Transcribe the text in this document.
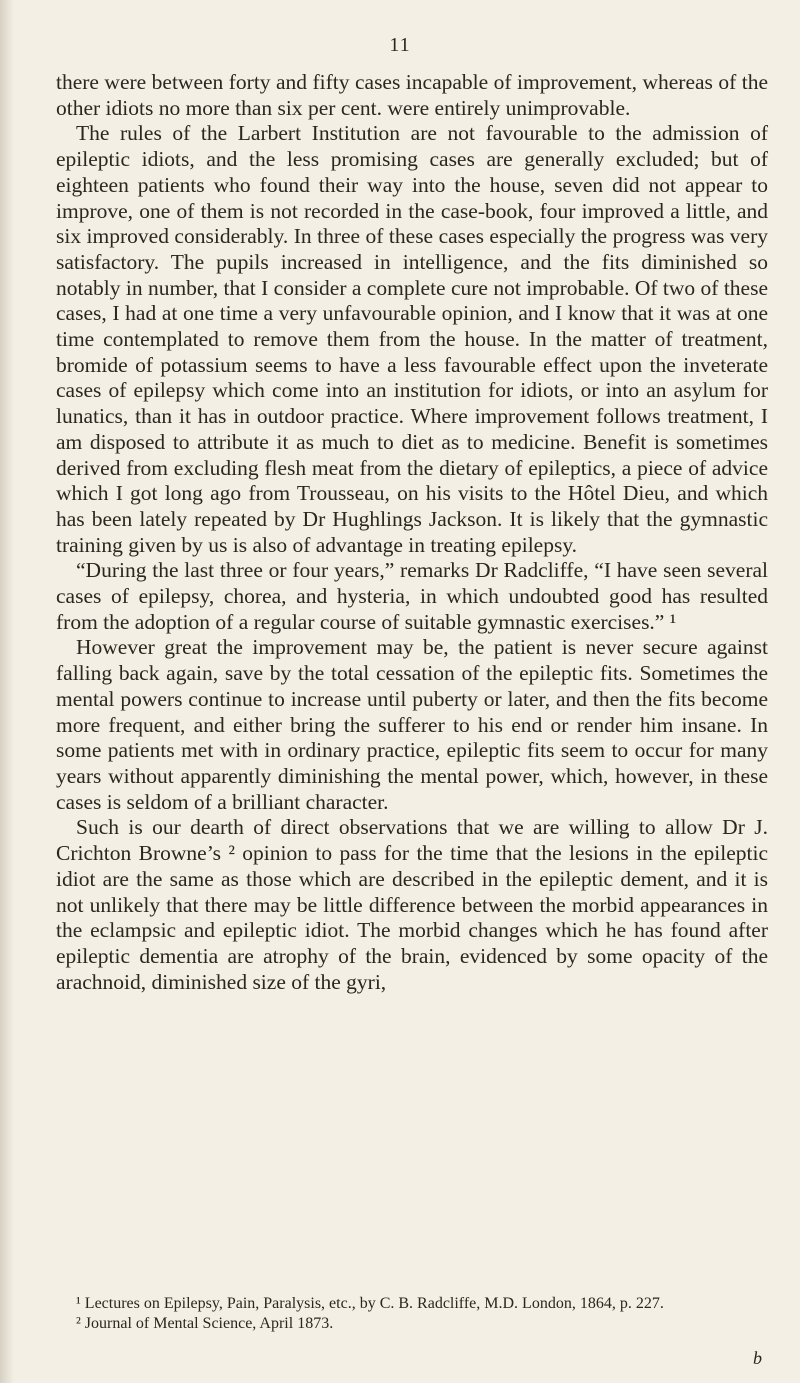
11

there were between forty and fifty cases incapable of improvement, whereas of the other idiots no more than six per cent. were entirely unimprovable.

The rules of the Larbert Institution are not favourable to the admission of epileptic idiots, and the less promising cases are generally excluded; but of eighteen patients who found their way into the house, seven did not appear to improve, one of them is not recorded in the case-book, four improved a little, and six improved considerably. In three of these cases especially the progress was very satisfactory. The pupils increased in intelligence, and the fits diminished so notably in number, that I consider a complete cure not improbable. Of two of these cases, I had at one time a very unfavourable opinion, and I know that it was at one time contemplated to remove them from the house. In the matter of treatment, bromide of potassium seems to have a less favourable effect upon the inveterate cases of epilepsy which come into an institution for idiots, or into an asylum for lunatics, than it has in outdoor practice. Where improvement follows treatment, I am disposed to attribute it as much to diet as to medicine. Benefit is sometimes derived from excluding flesh meat from the dietary of epileptics, a piece of advice which I got long ago from Trousseau, on his visits to the Hôtel Dieu, and which has been lately repeated by Dr Hughlings Jackson. It is likely that the gymnastic training given by us is also of advantage in treating epilepsy.

“During the last three or four years,” remarks Dr Radcliffe, “I have seen several cases of epilepsy, chorea, and hysteria, in which undoubted good has resulted from the adoption of a regular course of suitable gymnastic exercises.” ¹

However great the improvement may be, the patient is never secure against falling back again, save by the total cessation of the epileptic fits. Sometimes the mental powers continue to increase until puberty or later, and then the fits become more frequent, and either bring the sufferer to his end or render him insane. In some patients met with in ordinary practice, epileptic fits seem to occur for many years without apparently diminishing the mental power, which, however, in these cases is seldom of a brilliant character.

Such is our dearth of direct observations that we are willing to allow Dr J. Crichton Browne’s ² opinion to pass for the time that the lesions in the epileptic idiot are the same as those which are described in the epileptic dement, and it is not unlikely that there may be little difference between the morbid appearances in the eclampsic and epileptic idiot. The morbid changes which he has found after epileptic dementia are atrophy of the brain, evidenced by some opacity of the arachnoid, diminished size of the gyri,

¹ Lectures on Epilepsy, Pain, Paralysis, etc., by C. B. Radcliffe, M.D. London, 1864, p. 227.

² Journal of Mental Science, April 1873.

b
